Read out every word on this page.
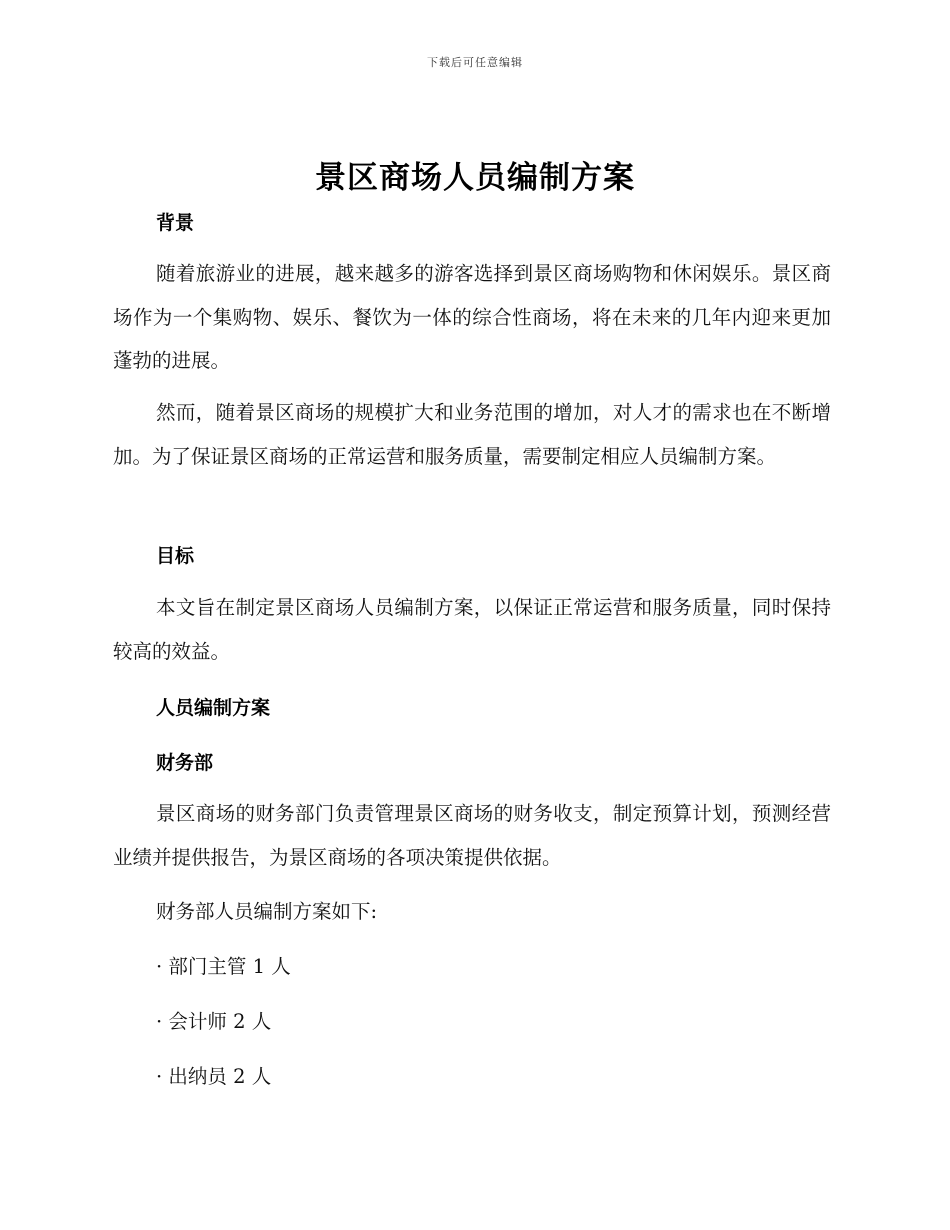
下载后可任意编辑
景区商场人员编制方案
背景

随着旅游业的进展，越来越多的游客选择到景区商场购物和休闲娱乐。景区商场作为一个集购物、娱乐、餐饮为一体的综合性商场，将在未来的几年内迎来更加蓬勃的进展。

然而，随着景区商场的规模扩大和业务范围的增加，对人才的需求也在不断增加。为了保证景区商场的正常运营和服务质量，需要制定相应人员编制方案。

目标

本文旨在制定景区商场人员编制方案，以保证正常运营和服务质量，同时保持较高的效益。

人员编制方案
财务部

景区商场的财务部门负责管理景区商场的财务收支，制定预算计划，预测经营业绩并提供报告，为景区商场的各项决策提供依据。

财务部人员编制方案如下:
· 部门主管 1 人
· 会计师 2 人
· 出纳员 2 人
